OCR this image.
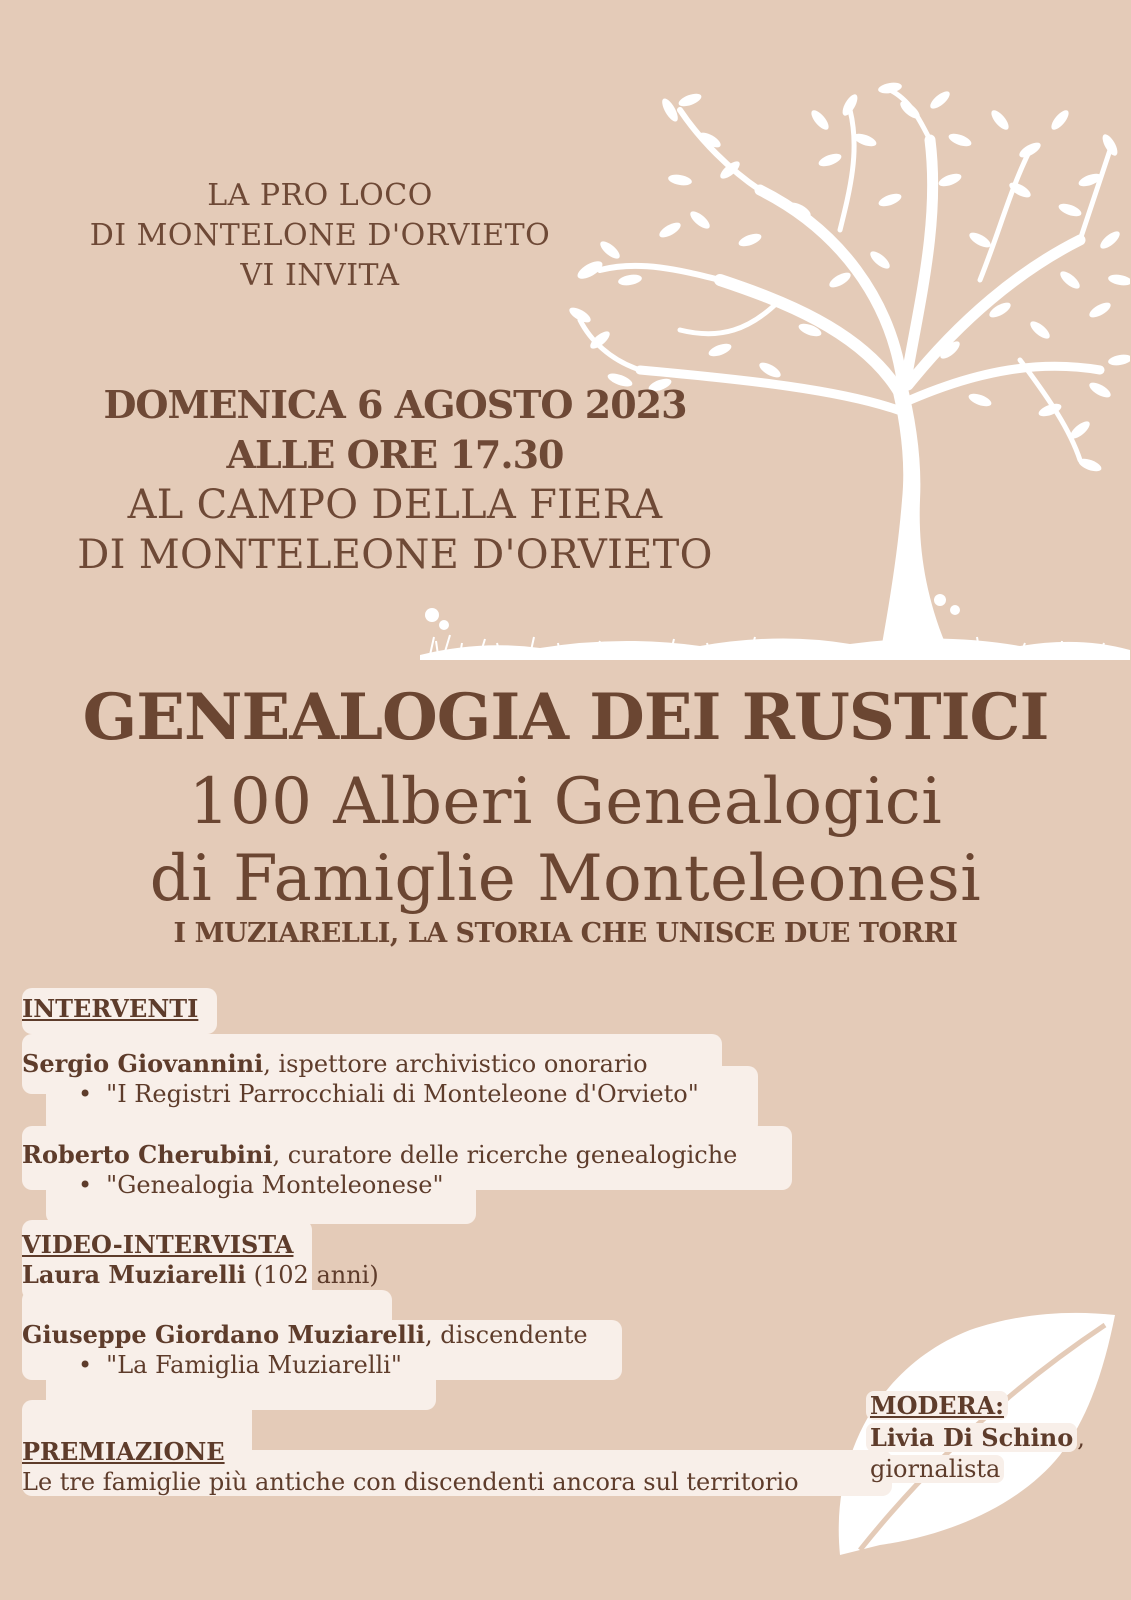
LA PRO LOCO
DI MONTELONE D'ORVIETO
VI INVITA
DOMENICA 6 AGOSTO 2023
ALLE ORE 17.30
AL CAMPO DELLA FIERA
DI MONTELEONE D'ORVIETO
GENEALOGIA DEI RUSTICI
100 Alberi Genealogici
di Famiglie Monteleonesi
I MUZIARELLI, LA STORIA CHE UNISCE DUE TORRI
INTERVENTI
Sergio Giovannini, ispettore archivistico onorario
• "I Registri Parrocchiali di Monteleone d'Orvieto"
Roberto Cherubini, curatore delle ricerche genealogiche
• "Genealogia Monteleonese"
VIDEO-INTERVISTA
Laura Muziarelli (102 anni)
Giuseppe Giordano Muziarelli, discendente
• "La Famiglia Muziarelli"
PREMIAZIONE
Le tre famiglie più antiche con discendenti ancora sul territorio
MODERA:
Livia Di Schino ,
giornalista
